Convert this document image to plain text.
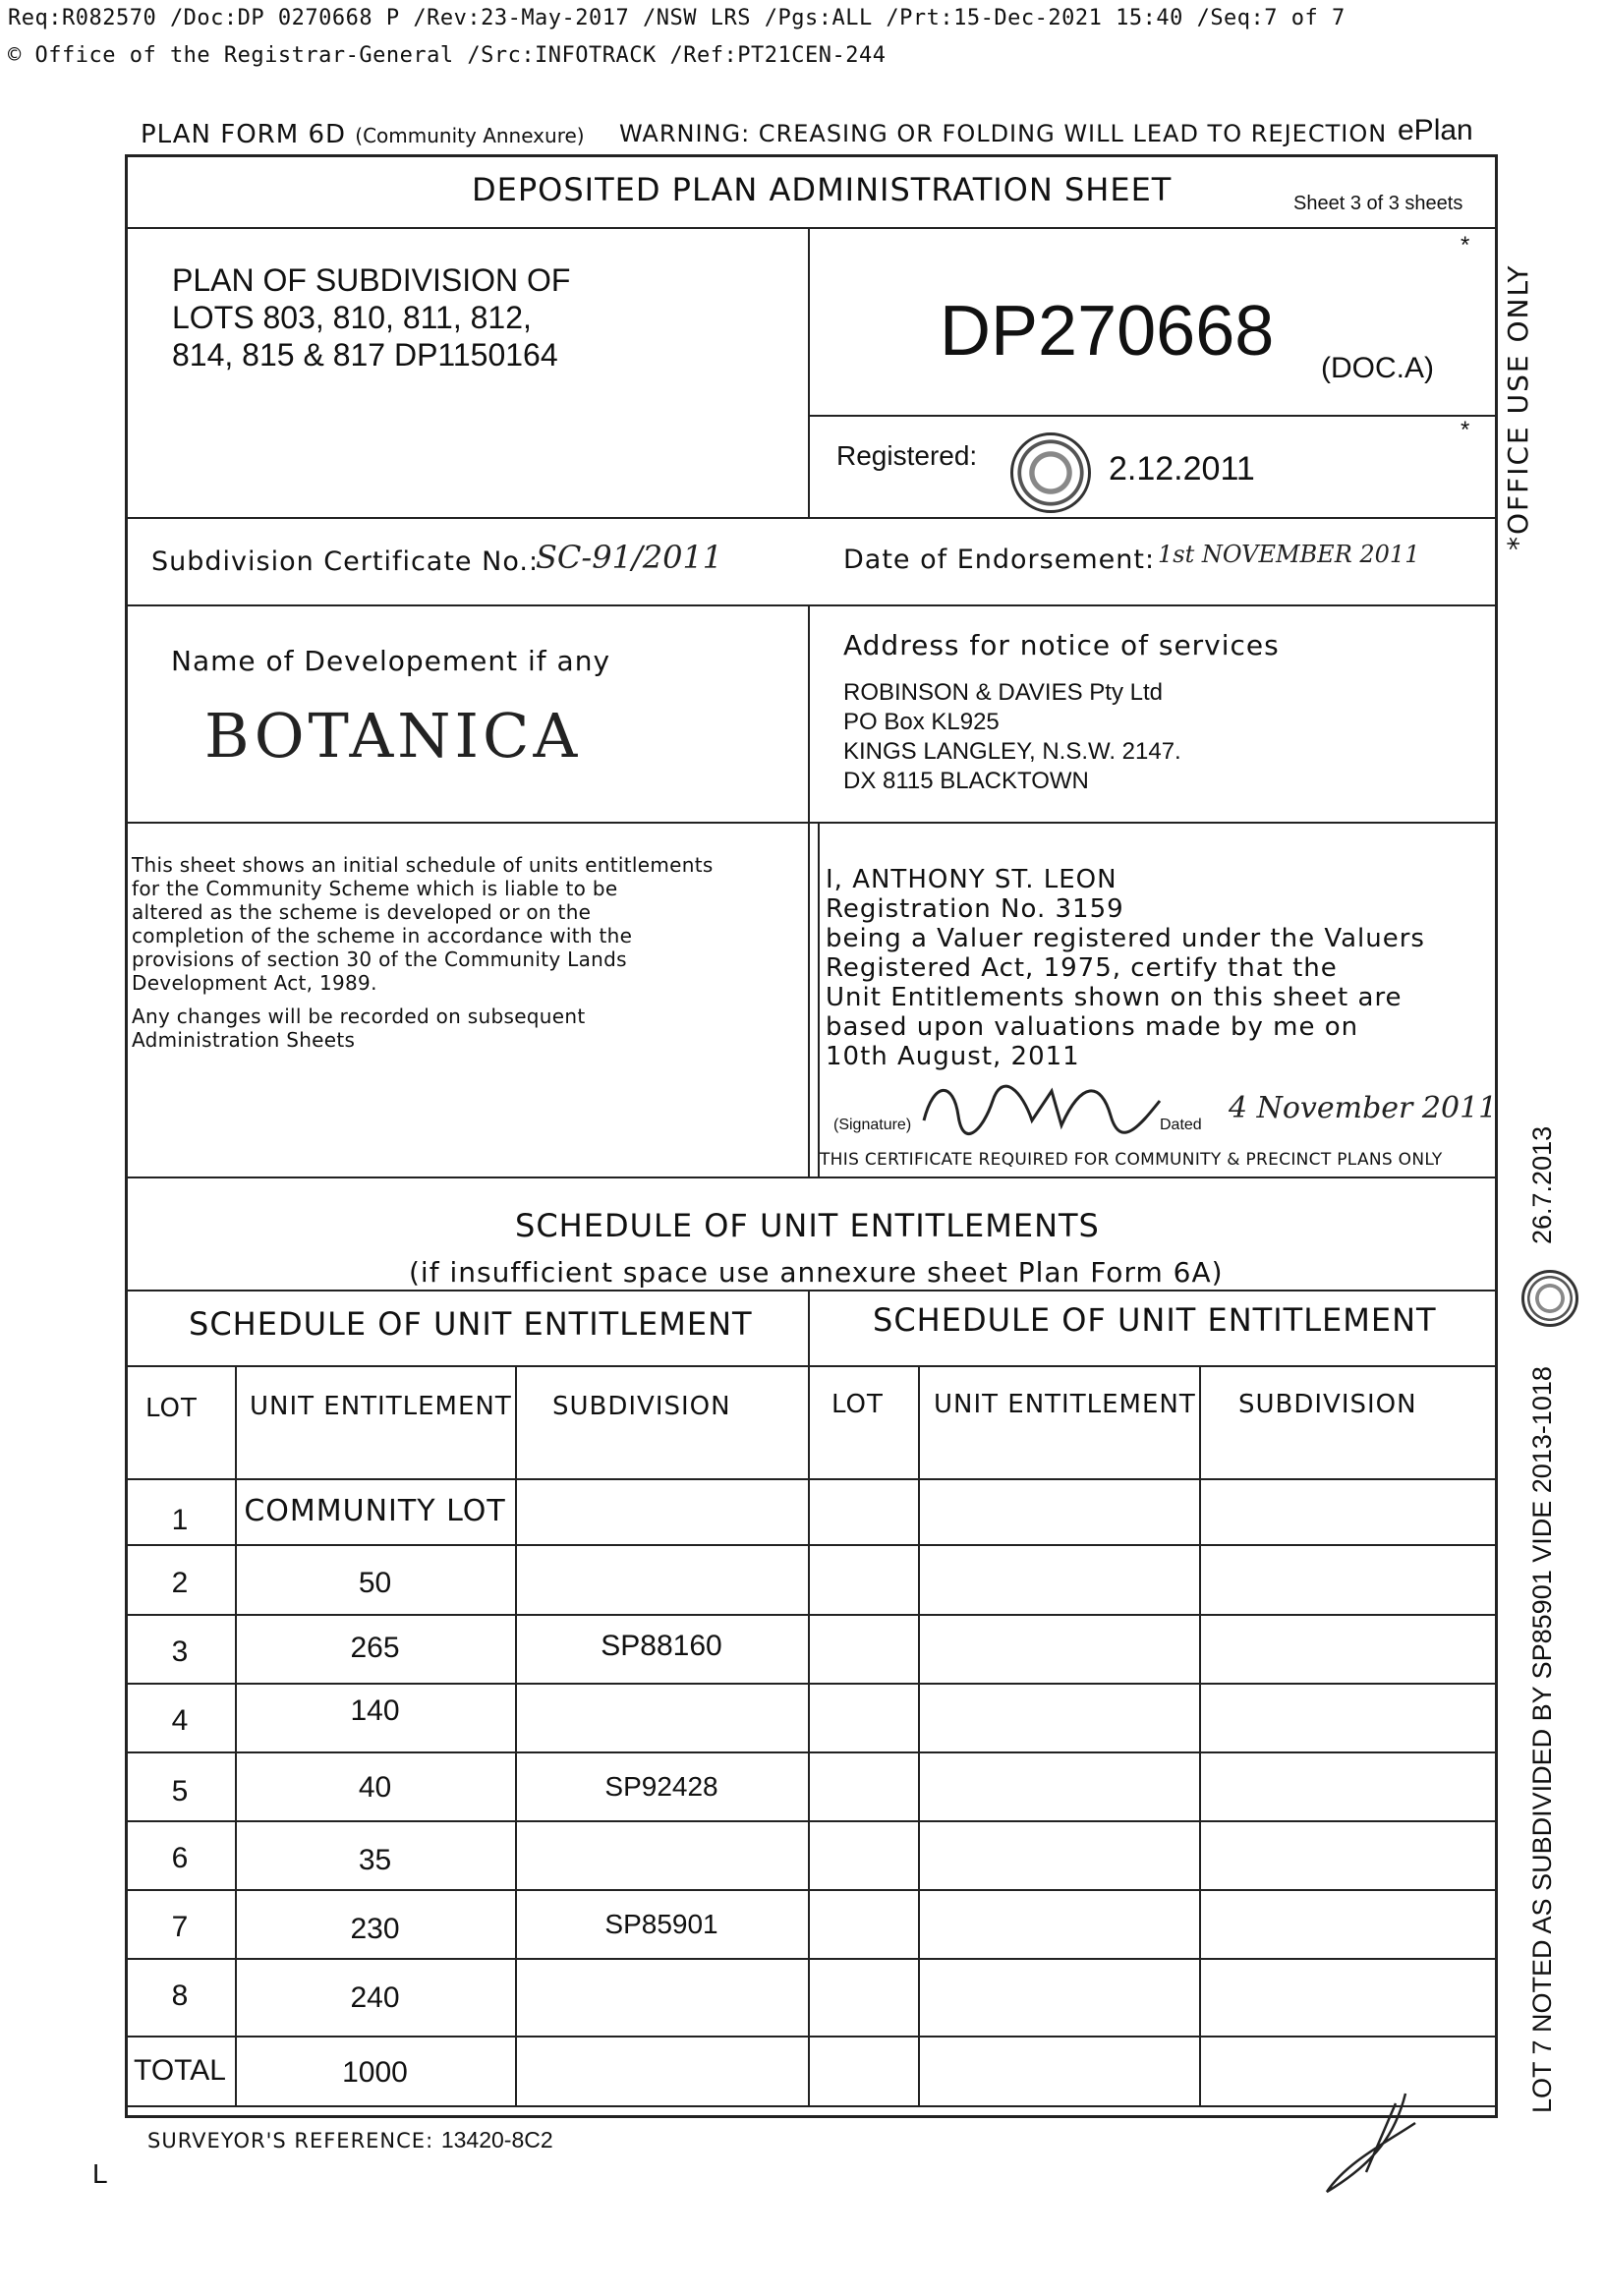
Req:R082570 /Doc:DP 0270668 P /Rev:23-May-2017 /NSW LRS /Pgs:ALL /Prt:15-Dec-2021 15:40 /Seq:7 of 7
© Office of the Registrar-General /Src:INFOTRACK /Ref:PT21CEN-244
PLAN FORM 6D (Community Annexure) WARNING: CREASING OR FOLDING WILL LEAD TO REJECTION ePlan
DEPOSITED PLAN ADMINISTRATION SHEET	Sheet 3 of 3 sheets
PLAN OF SUBDIVISION OF
LOTS 803, 810, 811, 812,
814, 815 & 817 DP1150164
*
DP270668 (DOC.A)
*
Registered:	2.12.2011	*OFFICE USE ONLY
Subdivision Certificate No.:
SC-91/2011	Date of Endorsement: 1st NOVEMBER 2011
Name of Developement if any
BOTANICA
Address for notice of services
ROBINSON & DAVIES Pty Ltd
PO Box KL925
KINGS LANGLEY, N.S.W. 2147.
DX 8115 BLACKTOWN
This sheet shows an initial schedule of units entitlements
for the Community Scheme which is liable to be
altered as the scheme is developed or on the
completion of the scheme in accordance with the
provisions of section 30 of the Community Lands
Development Act, 1989.
Any changes will be recorded on subsequent
Administration Sheets
I, ANTHONY ST. LEON
Registration No. 3159
being a Valuer registered under the Valuers
Registered Act, 1975, certify that the
Unit Entitlements shown on this sheet are
based upon valuations made by me on
10th August, 2011
(Signature)	Dated 4 November 2011
THIS CERTIFICATE REQUIRED FOR COMMUNITY & PRECINCT PLANS ONLY
SCHEDULE OF UNIT ENTITLEMENTS
(if insufficient space use annexure sheet Plan Form 6A)
SCHEDULE OF UNIT ENTITLEMENT	SCHEDULE OF UNIT ENTITLEMENT
LOT UNIT ENTITLEMENT SUBDIVISION	LOT UNIT ENTITLEMENT SUBDIVISION
1	COMMUNITY LOT
2	50
3	265	SP88160
4	140
5	40	SP92428
6	35
7	230	SP85901
8	240
TOTAL	1000
SURVEYOR'S REFERENCE: 13420-8C2
LOT 7 NOTED AS SUBDIVIDED BY SP85901 VIDE 2013-1018
26.7.2013
L
